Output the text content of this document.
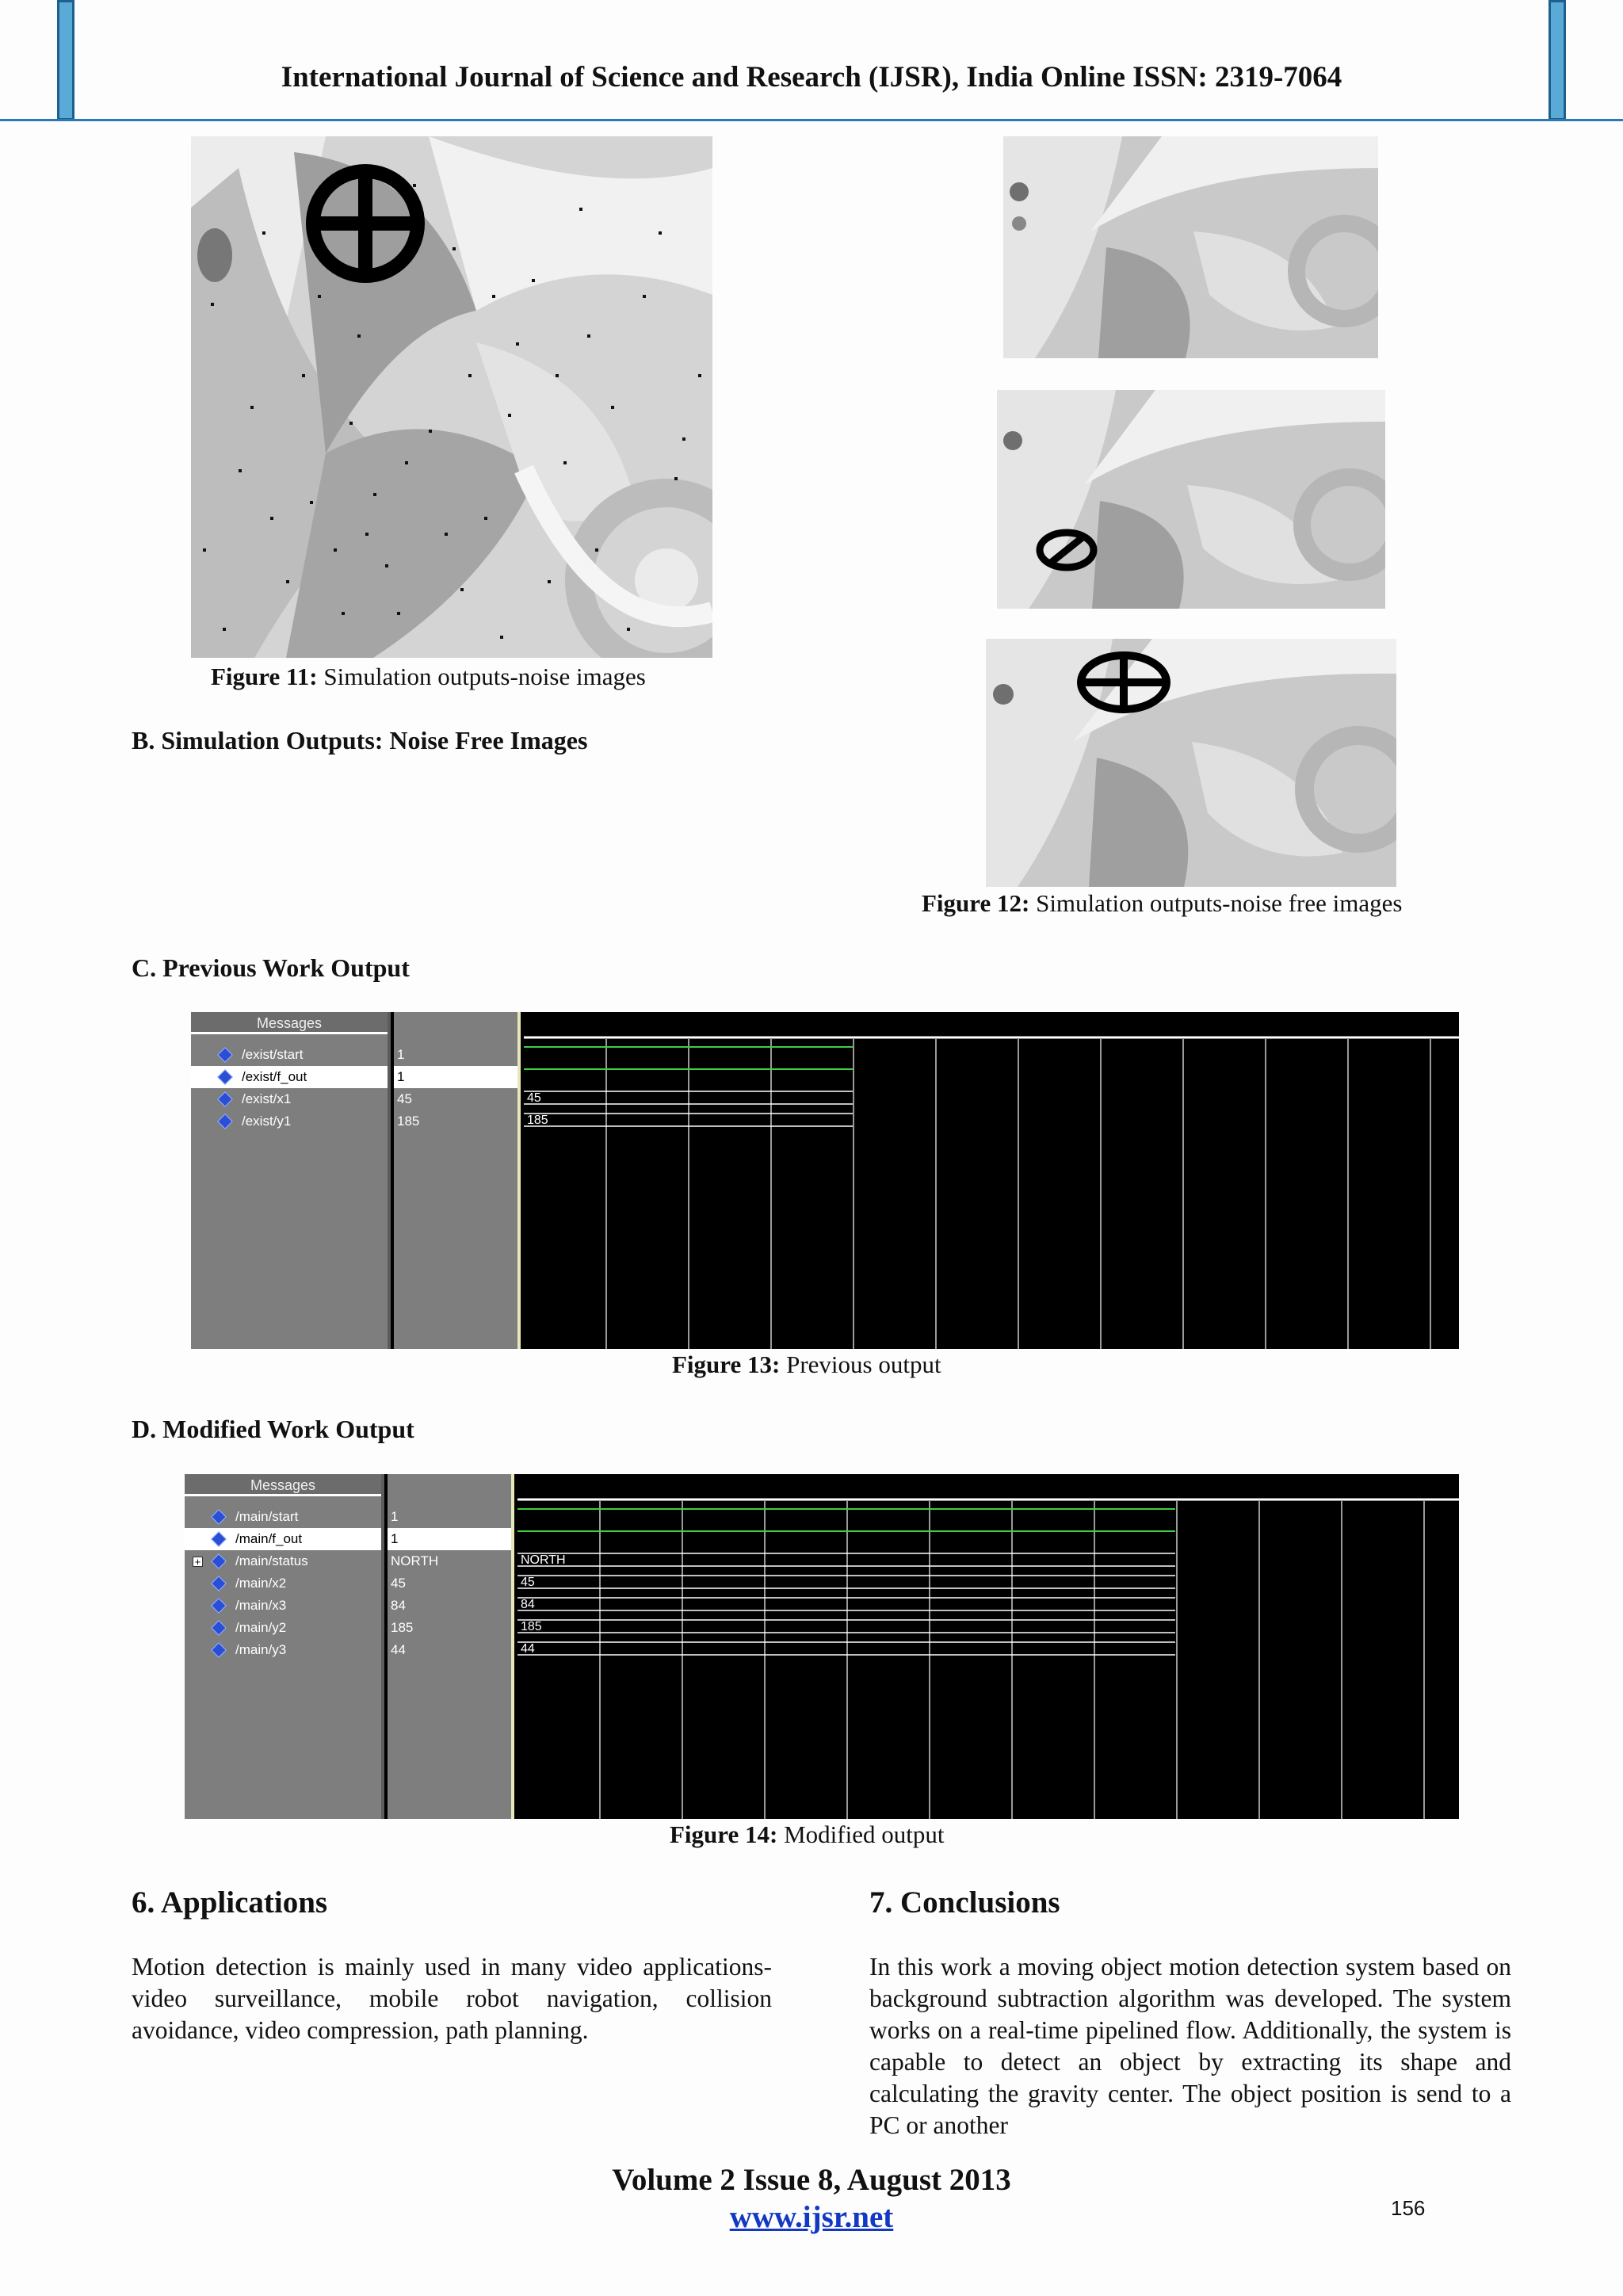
International Journal of Science and Research (IJSR), India Online ISSN: 2319-7064
Figure 11: Simulation outputs-noise images
B. Simulation Outputs: Noise Free Images
Figure 12: Simulation outputs-noise free images
C. Previous Work Output
Messages
/exist/start
/exist/f_out
/exist/x1
/exist/y1
1
1
45
185
45
185
Figure 13: Previous output
D. Modified Work Output
Messages
/main/start
/main/f_out
+	/main/status
/main/x2
/main/x3
/main/y2
/main/y3
1
1
NORTH
45
84
185
44
NORTH
45
84
185
44
Figure 14: Modified output
6. Applications
Motion detection is mainly used in many video applications-video surveillance, mobile robot navigation, collision avoidance, video compression, path planning.
7. Conclusions
In this work a moving object motion detection system based on background subtraction algorithm was developed. The system works on a real-time pipelined flow. Additionally, the system is capable to detect an object by extracting its shape and calculating the gravity center. The object position is send to a PC or another
Volume 2 Issue 8, August 2013
www.ijsr.net	156
